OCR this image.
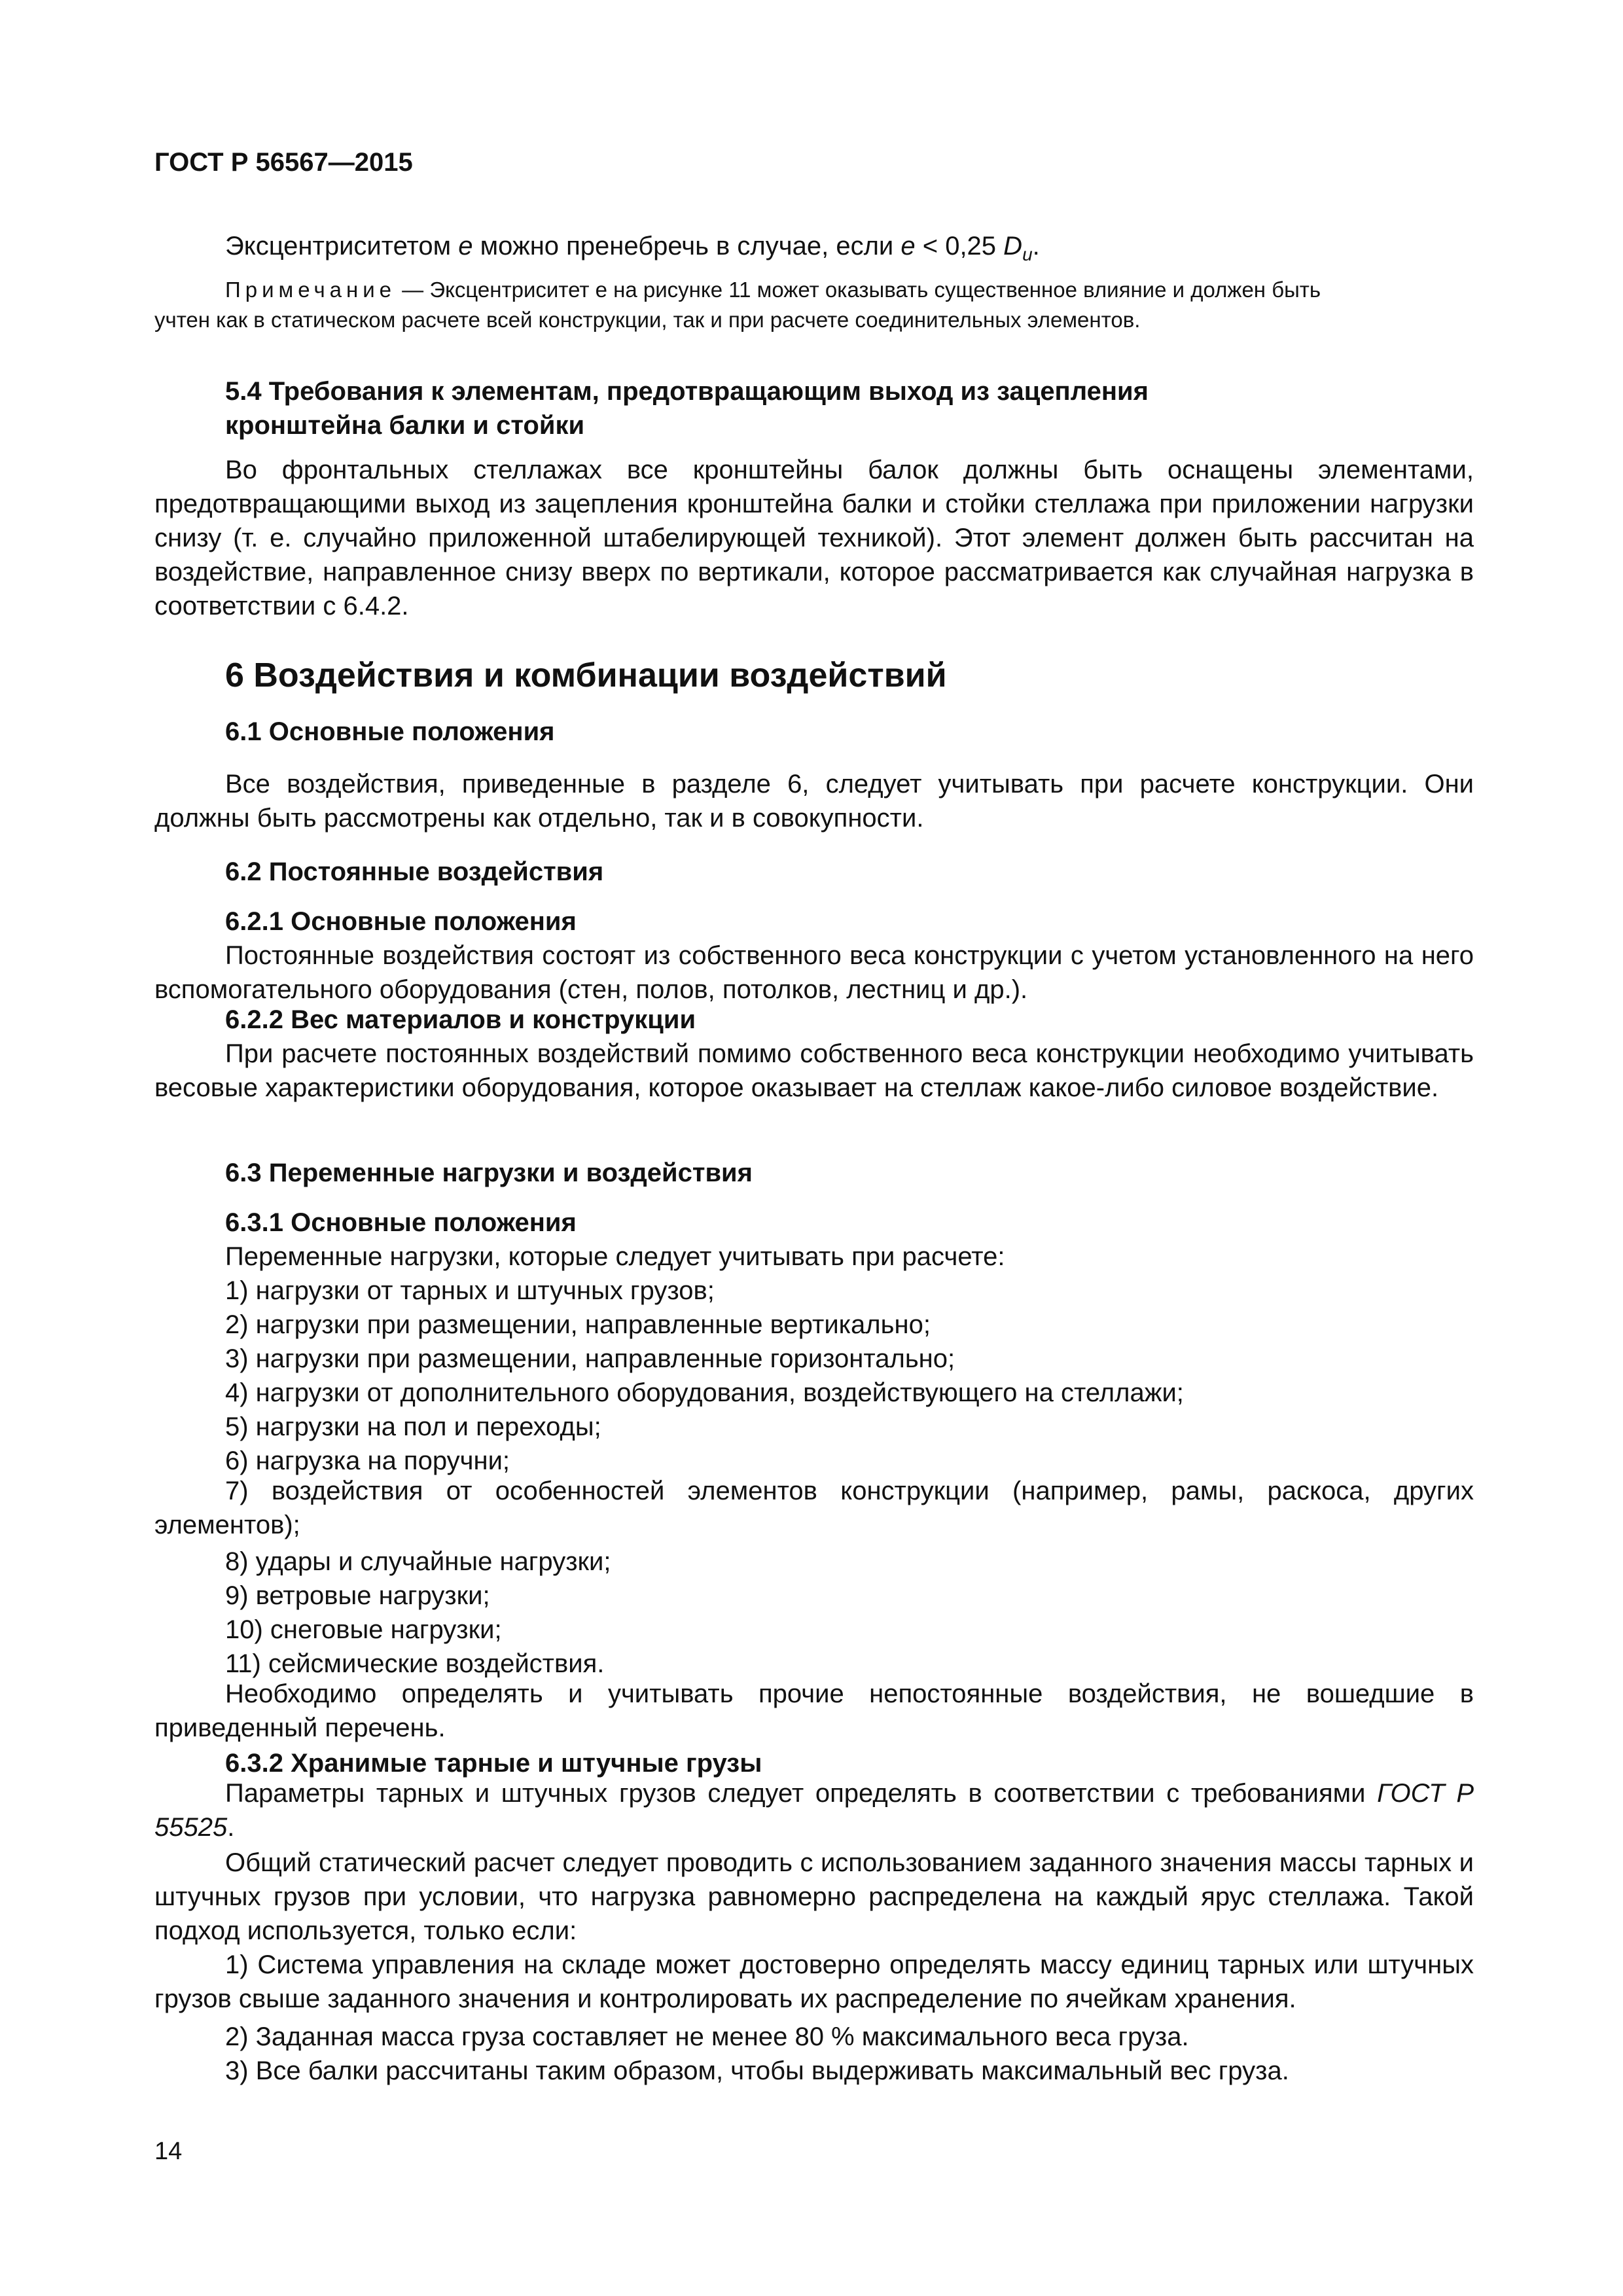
ГОСТ Р 56567—2015

Эксцентриситетом e можно пренебречь в случае, если e < 0,25 $D_u$.

Примечание — Эксцентриситет e на рисунке 11 может оказывать существенное влияние и должен быть
учтен как в статическом расчете всей конструкции, так и при расчете соединительных элементов.
5.4 Требования к элементам, предотвращающим выход из зацепления
кронштейна балки и стойки

Во фронтальных стеллажах все кронштейны балок должны быть оснащены элементами, предотвращающими выход из зацепления кронштейна балки и стойки стеллажа при приложении нагрузки снизу (т. е. случайно приложенной штабелирующей техникой). Этот элемент должен быть рассчитан на воздействие, направленное снизу вверх по вертикали, которое рассматривается как случайная нагрузка в соответствии с 6.4.2.

6 Воздействия и комбинации воздействий
6.1 Основные положения

Все воздействия, приведенные в разделе 6, следует учитывать при расчете конструкции. Они должны быть рассмотрены как отдельно, так и в совокупности.

6.2 Постоянные воздействия
6.2.1 Основные положения

Постоянные воздействия состоят из собственного веса конструкции с учетом установленного на него вспомогательного оборудования (стен, полов, потолков, лестниц и др.).

6.2.2 Вес материалов и конструкции

При расчете постоянных воздействий помимо собственного веса конструкции необходимо учитывать весовые характеристики оборудования, которое оказывает на стеллаж какое-либо силовое воздействие.

6.3 Переменные нагрузки и воздействия
6.3.1 Основные положения
Переменные нагрузки, которые следует учитывать при расчете:
1) нагрузки от тарных и штучных грузов;
2) нагрузки при размещении, направленные вертикально;
3) нагрузки при размещении, направленные горизонтально;
4) нагрузки от дополнительного оборудования, воздействующего на стеллажи;
5) нагрузки на пол и переходы;
6) нагрузка на поручни;

7) воздействия от особенностей элементов конструкции (например, рамы, раскоса, других элементов);

8) удары и случайные нагрузки;
9) ветровые нагрузки;
10) снеговые нагрузки;
11) сейсмические воздействия.

Необходимо определять и учитывать прочие непостоянные воздействия, не вошедшие в приведенный перечень.

6.3.2 Хранимые тарные и штучные грузы

Параметры тарных и штучных грузов следует определять в соответствии с требованиями ГОСТ Р 55525.

Общий статический расчет следует проводить с использованием заданного значения массы тарных и штучных грузов при условии, что нагрузка равномерно распределена на каждый ярус стеллажа. Такой подход используется, только если:

1) Система управления на складе может достоверно определять массу единиц тарных или штучных грузов свыше заданного значения и контролировать их распределение по ячейкам хранения.

2) Заданная масса груза составляет не менее 80 % максимального веса груза.
3) Все балки рассчитаны таким образом, чтобы выдерживать максимальный вес груза.
14
